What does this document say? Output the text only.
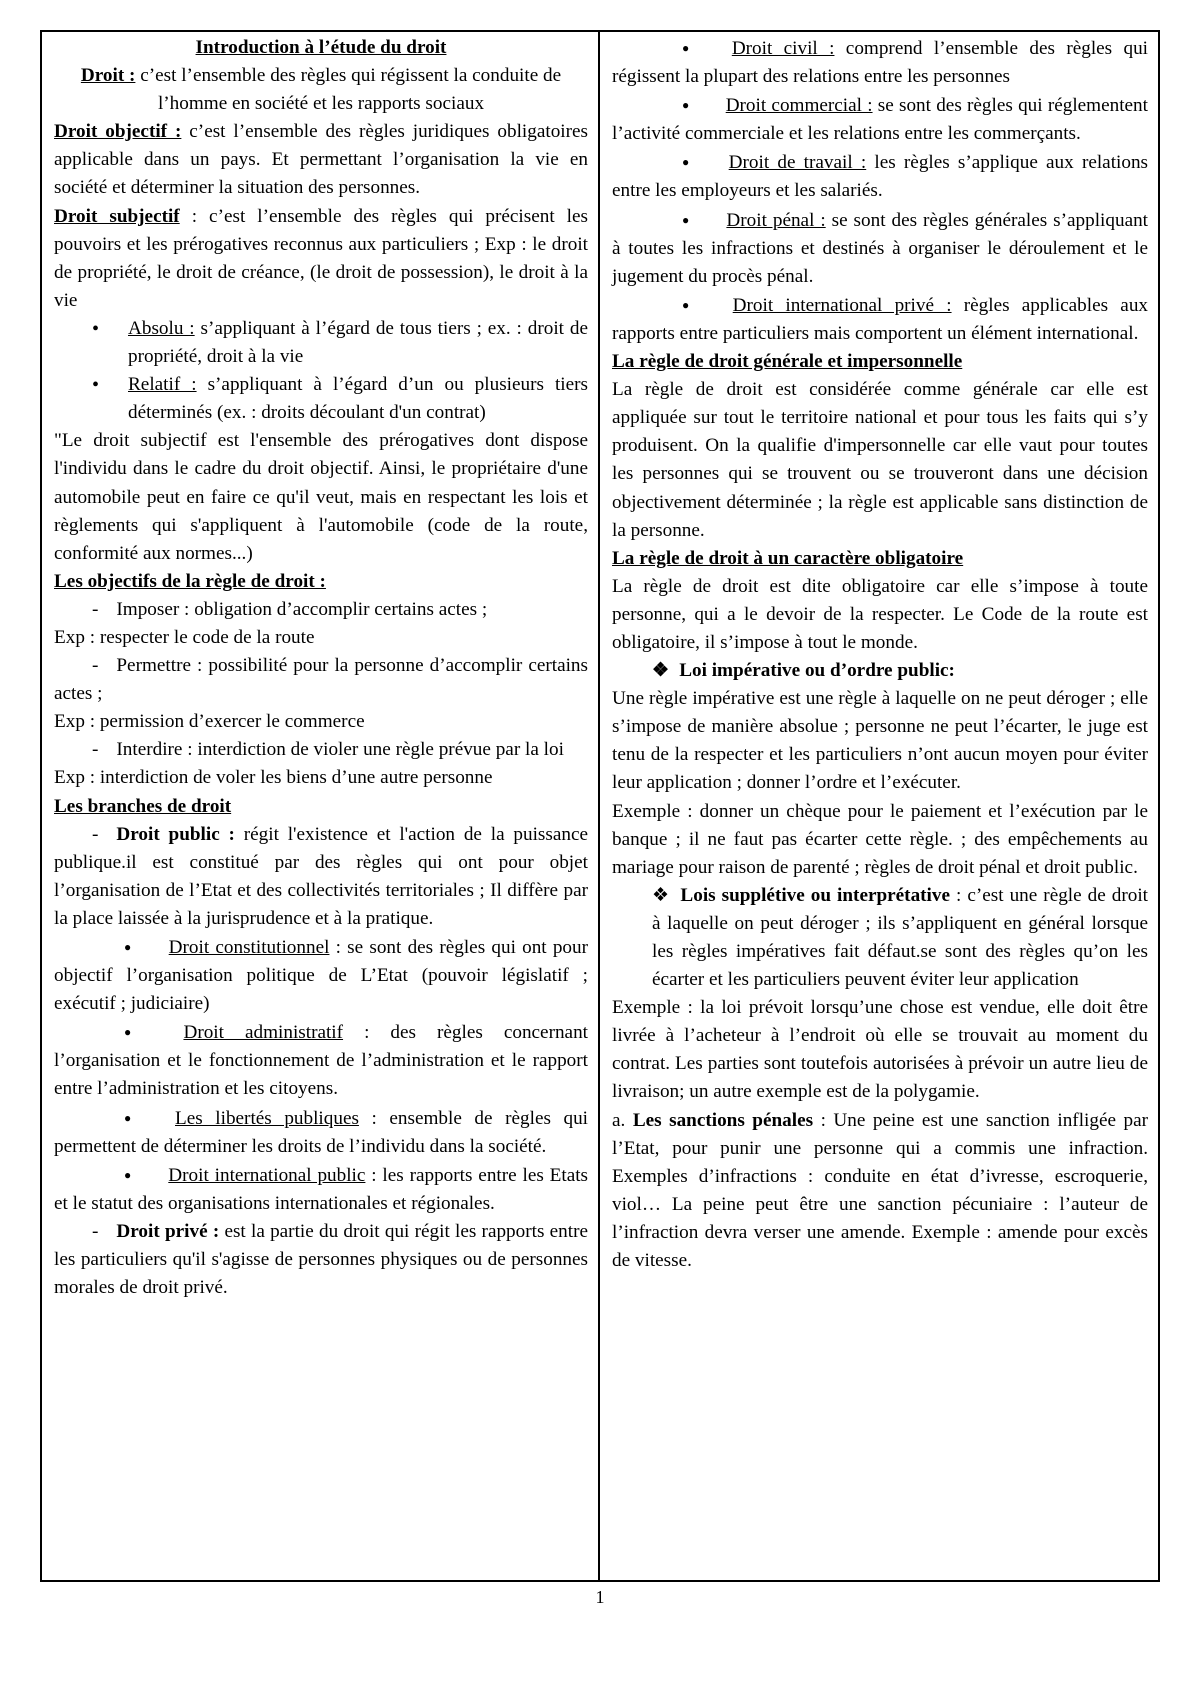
Introduction à l’étude du droit

Droit : c’est l’ensemble des règles qui régissent la conduite de l’homme en société et les rapports sociaux

Droit objectif : c’est l’ensemble des règles juridiques obligatoires applicable dans un pays. Et permettant l’organisation la vie en société et déterminer la situation des personnes.

Droit subjectif : c’est l’ensemble des règles qui précisent les pouvoirs et les prérogatives reconnus aux particuliers ; Exp : le droit de propriété, le droit de créance, (le droit de possession), le droit à la vie

• Absolu : s’appliquant à l’égard de tous tiers ; ex. : droit de propriété, droit à la vie

• Relatif : s’appliquant à l’égard d’un ou plusieurs tiers déterminés (ex. : droits découlant d'un contrat)

"Le droit subjectif est l'ensemble des prérogatives dont dispose l'individu dans le cadre du droit objectif. Ainsi, le propriétaire d'une automobile peut en faire ce qu'il veut, mais en respectant les lois et règlements qui s'appliquent à l'automobile (code de la route, conformité aux normes...)

Les objectifs de la règle de droit :

- Imposer : obligation d’accomplir certains actes ;

Exp : respecter le code de la route

- Permettre : possibilité pour la personne d’accomplir certains actes ;

Exp : permission d’exercer le commerce

- Interdire : interdiction de violer une règle prévue par la loi

Exp : interdiction de voler les biens d’une autre personne

Les branches de droit

- Droit public : régit l'existence et l'action de la puissance publique.il est constitué par des règles qui ont pour objet l’organisation de l’Etat et des collectivités territoriales ; Il diffère par la place laissée à la jurisprudence et à la pratique.

● Droit constitutionnel : se sont des règles qui ont pour objectif l’organisation politique de L’Etat (pouvoir législatif ; exécutif ; judiciaire)

● Droit administratif : des règles concernant l’organisation et le fonctionnement de l’administration et le rapport entre l’administration et les citoyens.

● Les libertés publiques : ensemble de règles qui permettent de déterminer les droits de l’individu dans la société.

● Droit international public : les rapports entre les Etats et le statut des organisations internationales et régionales.

- Droit privé : est la partie du droit qui régit les rapports entre les particuliers qu'il s'agisse de personnes physiques ou de personnes morales de droit privé.

● Droit civil : comprend l’ensemble des règles qui régissent la plupart des relations entre les personnes

● Droit commercial : se sont des règles qui réglementent l’activité commerciale et les relations entre les commerçants.

● Droit de travail : les règles s’applique aux relations entre les employeurs et les salariés.

● Droit pénal : se sont des règles générales s’appliquant à toutes les infractions et destinés à organiser le déroulement et le jugement du procès pénal.

● Droit international privé : règles applicables aux rapports entre particuliers mais comportent un élément international.

La règle de droit générale et impersonnelle

La règle de droit est considérée comme générale car elle est appliquée sur tout le territoire national et pour tous les faits qui s’y produisent. On la qualifie d'impersonnelle car elle vaut pour toutes les personnes qui se trouvent ou se trouveront dans une décision objectivement déterminée ; la règle est applicable sans distinction de la personne.

La règle de droit à un caractère obligatoire

La règle de droit est dite obligatoire car elle s’impose à toute personne, qui a le devoir de la respecter. Le Code de la route est obligatoire, il s’impose à tout le monde.

❖ Loi impérative ou d’ordre public:

Une règle impérative est une règle à laquelle on ne peut déroger ; elle s’impose de manière absolue ; personne ne peut l’écarter, le juge est tenu de la respecter et les particuliers n’ont aucun moyen pour éviter leur application ; donner l’ordre et l’exécuter.

Exemple : donner un chèque pour le paiement et l’exécution par le banque ; il ne faut pas écarter cette règle. ; des empêchements au mariage pour raison de parenté ; règles de droit pénal et droit public.

❖ Lois supplétive ou interprétative : c’est une règle de droit à laquelle on peut déroger ; ils s’appliquent en général lorsque les règles impératives fait défaut.se sont des règles qu’on les écarter et les particuliers peuvent éviter leur application

Exemple : la loi prévoit lorsqu’une chose est vendue, elle doit être livrée à l’acheteur à l’endroit où elle se trouvait au moment du contrat. Les parties sont toutefois autorisées à prévoir un autre lieu de livraison; un autre exemple est de la polygamie.

a. Les sanctions pénales : Une peine est une sanction infligée par l’Etat, pour punir une personne qui a commis une infraction. Exemples d’infractions : conduite en état d’ivresse, escroquerie, viol… La peine peut être une sanction pécuniaire : l’auteur de l’infraction devra verser une amende. Exemple : amende pour excès de vitesse.

1
